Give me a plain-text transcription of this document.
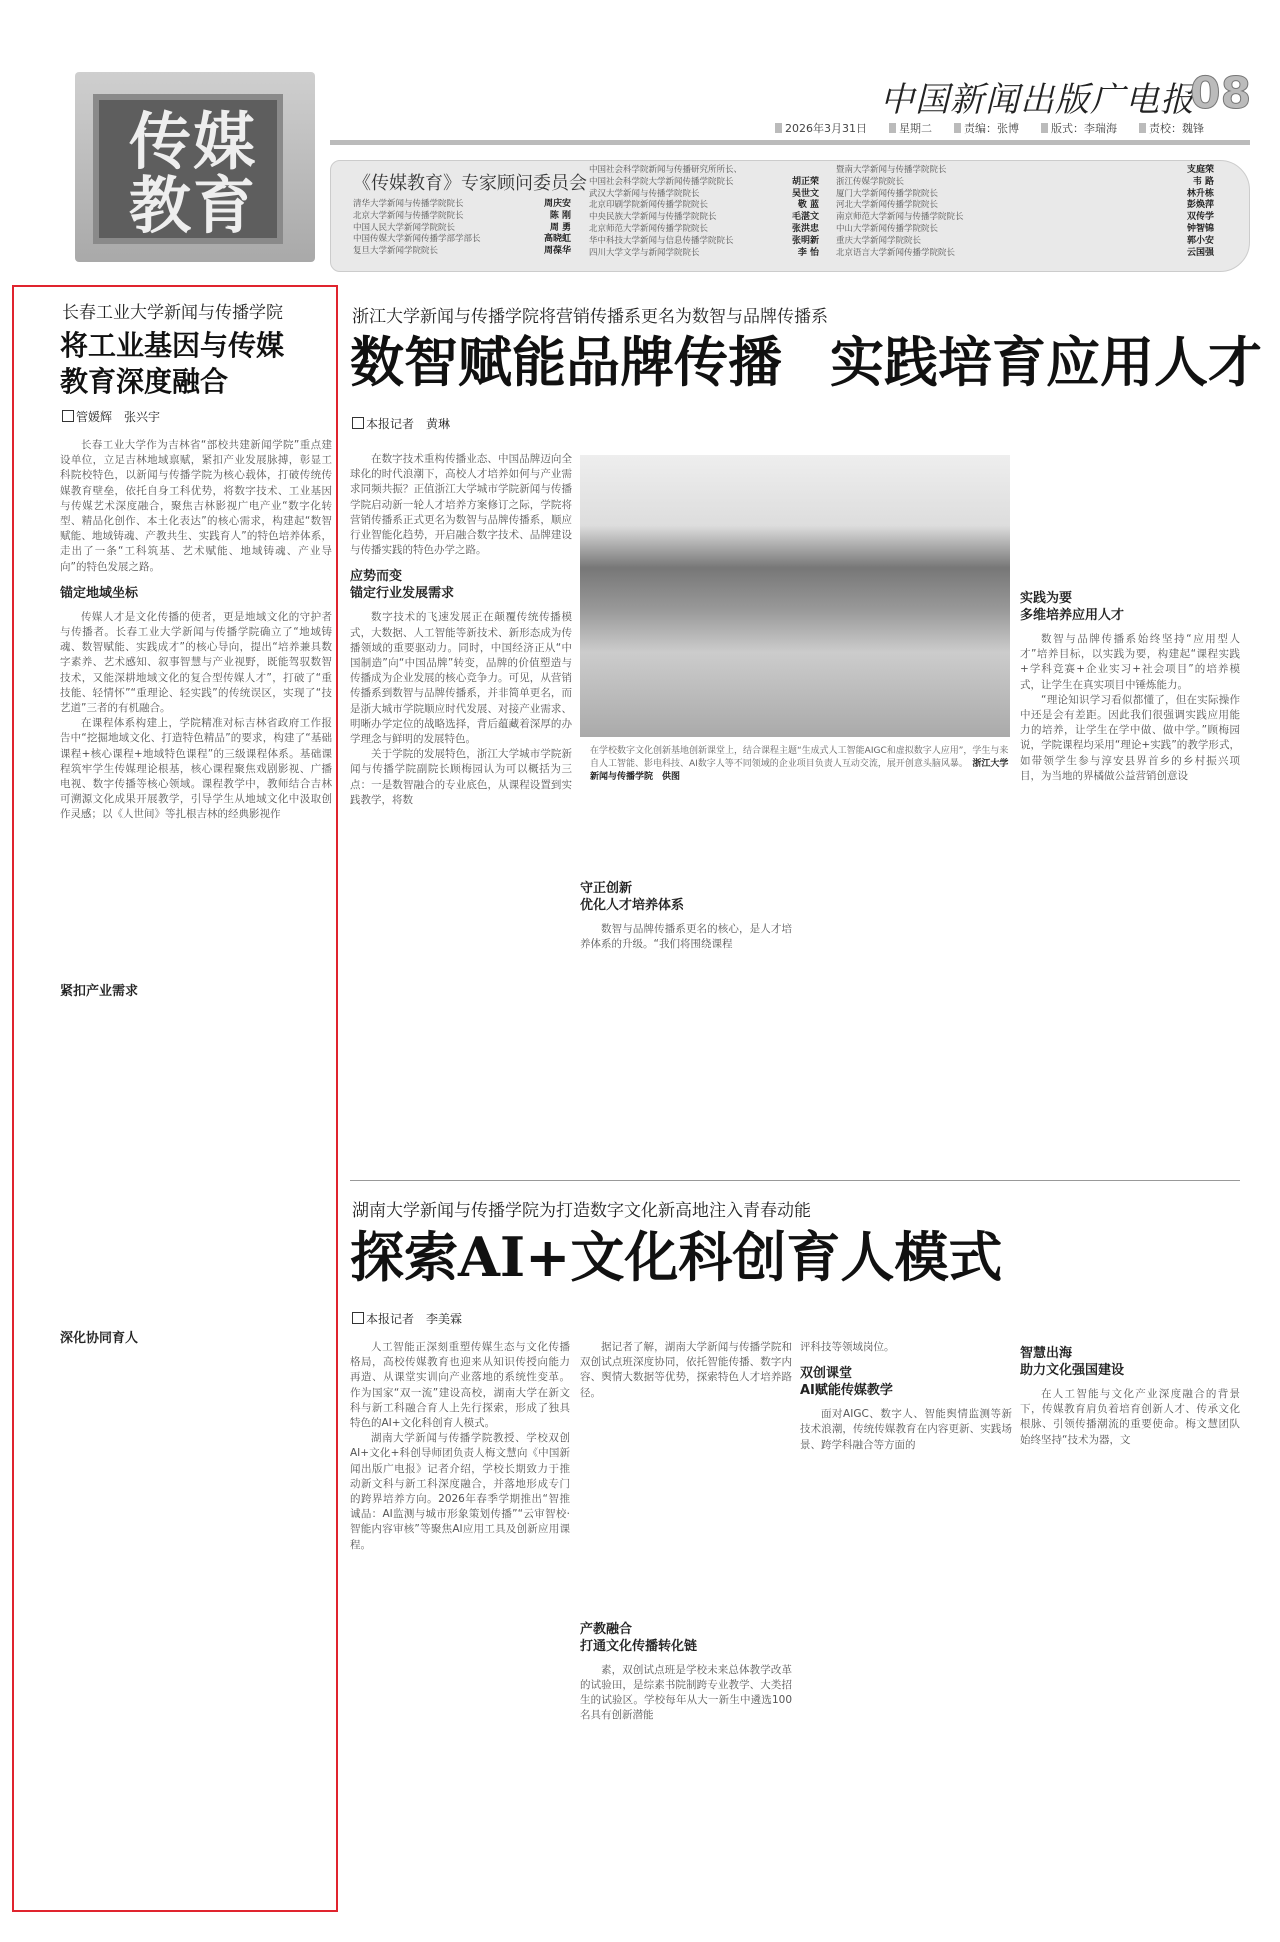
传媒教育
中国新闻出版广电报
08
2026年3月31日	星期二	责编：张博	版式：李瑞海	责校：魏锋
《传媒教育》专家顾问委员会
清华大学新闻与传播学院院长	周庆安
北京大学新闻与传播学院院长	陈 刚
中国人民大学新闻学院院长	周 勇
中国传媒大学新闻传播学部学部长	高晓虹
复旦大学新闻学院院长	周葆华
中国社会科学院新闻与传播研究所所长、
中国社会科学院大学新闻传播学院院长	胡正荣
武汉大学新闻与传播学院院长	吴世文
北京印刷学院新闻传播学院院长	敬 蓝
中央民族大学新闻与传播学院院长	毛湛文
北京师范大学新闻传播学院院长	张洪忠
华中科技大学新闻与信息传播学院院长	张明新
四川大学文学与新闻学院院长	李 怡
暨南大学新闻与传播学院院长	支庭荣
浙江传媒学院院长	韦 路
厦门大学新闻传播学院院长	林升栋
河北大学新闻传播学院院长	彭焕萍
南京师范大学新闻与传播学院院长	双传学
中山大学新闻传播学院院长	钟智锦
重庆大学新闻学院院长	郭小安
北京语言大学新闻传播学院院长	云国强
长春工业大学新闻与传播学院
将工业基因与传媒教育深度融合
管媛辉　张兴宇

长春工业大学作为吉林省“部校共建新闻学院”重点建设单位，立足吉林地域禀赋，紧扣产业发展脉搏，彰显工科院校特色，以新闻与传播学院为核心载体，打破传统传媒教育壁垒，依托自身工科优势，将数字技术、工业基因与传媒艺术深度融合，聚焦吉林影视广电产业“数字化转型、精品化创作、本土化表达”的核心需求，构建起“数智赋能、地域铸魂、产教共生、实践育人”的特色培养体系，走出了一条“工科筑基、艺术赋能、地域铸魂、产业导向”的特色发展之路。

锚定地域坐标

传媒人才是文化传播的使者，更是地域文化的守护者与传播者。长春工业大学新闻与传播学院确立了“地域铸魂、数智赋能、实践成才”的核心导向，提出“培养兼具数字素养、艺术感知、叙事智慧与产业视野，既能驾驭数智技术，又能深耕地域文化的复合型传媒人才”，打破了“重技能、轻情怀”“重理论、轻实践”的传统误区，实现了“技艺道”三者的有机融合。

在课程体系构建上，学院精准对标吉林省政府工作报告中“挖掘地域文化、打造特色精品”的要求，构建了“基础课程+核心课程+地域特色课程”的三级课程体系。基础课程筑牢学生传媒理论根基，核心课程聚焦戏剧影视、广播电视、数字传播等核心领域。课程教学中，教师结合吉林可溯源文化成果开展教学，引导学生从地域文化中汲取创作灵感；以《人世间》等扎根吉林的经典影视作

紧扣产业需求
深化协同育人
浙江大学新闻与传播学院将营销传播系更名为数智与品牌传播系
数智赋能品牌传播 实践培育应用人才
本报记者　黄琳

在数字技术重构传播业态、中国品牌迈向全球化的时代浪潮下，高校人才培养如何与产业需求同频共振？正值浙江大学城市学院新闻与传播学院启动新一轮人才培养方案修订之际，学院将营销传播系正式更名为数智与品牌传播系，顺应行业智能化趋势，开启融合数字技术、品牌建设与传播实践的特色办学之路。

应势而变
锚定行业发展需求

数字技术的飞速发展正在颠覆传统传播模式，大数据、人工智能等新技术、新形态成为传播领域的重要驱动力。同时，中国经济正从“中国制造”向“中国品牌”转变，品牌的价值塑造与传播成为企业发展的核心竞争力。可见，从营销传播系到数智与品牌传播系，并非简单更名，而是浙大城市学院顺应时代发展、对接产业需求、明晰办学定位的战略选择，背后蕴藏着深厚的办学理念与鲜明的发展特色。

关于学院的发展特色，浙江大学城市学院新闻与传播学院副院长顾梅园认为可以概括为三点：一是数智融合的专业底色，从课程设置到实践教学，将数

在学校数字文化创新基地创新课堂上，结合课程主题“生成式人工智能AIGC和虚拟数字人应用”，学生与来自人工智能、影电科技、AI数字人等不同领域的企业项目负责人互动交流，展开创意头脑风暴。　 浙江大学新闻与传播学院　供图
守正创新
优化人才培养体系

数智与品牌传播系更名的核心，是人才培养体系的升级。“我们将围绕课程

实践为要
多维培养应用人才

数智与品牌传播系始终坚持“应用型人才”培养目标，以实践为要，构建起“课程实践+学科竞赛+企业实习+社会项目”的培养模式，让学生在真实项目中锤炼能力。

“理论知识学习看似都懂了，但在实际操作中还是会有差距。因此我们很强调实践应用能力的培养，让学生在学中做、做中学。”顾梅园说，学院课程均采用“理论+实践”的教学形式，如带领学生参与淳安县界首乡的乡村振兴项目，为当地的界橘做公益营销创意设

湖南大学新闻与传播学院为打造数字文化新高地注入青春动能
探索AI+文化科创育人模式
本报记者　李美霖

人工智能正深刻重塑传媒生态与文化传播格局，高校传媒教育也迎来从知识传授向能力再造、从课堂实训向产业落地的系统性变革。作为国家“双一流”建设高校，湖南大学在新文科与新工科融合育人上先行探索，形成了独具特色的AI+文化科创育人模式。

湖南大学新闻与传播学院教授、学校双创AI+文化+科创导师团负责人梅文慧向《中国新闻出版广电报》记者介绍，学校长期致力于推动新文科与新工科深度融合，并落地形成专门的跨界培养方向。2026年春季学期推出“智推诚品：AI监测与城市形象策划传播”“云审智校·智能内容审核”等聚焦AI应用工具及创新应用课程。

据记者了解，湖南大学新闻与传播学院和双创试点班深度协同，依托智能传播、数字内容、舆情大数据等优势，探索特色人才培养路径。

产教融合
打通文化传播转化链

素，双创试点班是学校未来总体教学改革的试验田，是综素书院制跨专业教学、大类招生的试验区。学校每年从大一新生中遴选100名具有创新潜能

评科技等领域岗位。

双创课堂
AI赋能传媒教学

面对AIGC、数字人、智能舆情监测等新技术浪潮，传统传媒教育在内容更新、实践场景、跨学科融合等方面的

智慧出海
助力文化强国建设

在人工智能与文化产业深度融合的背景下，传媒教育肩负着培育创新人才、传承文化根脉、引领传播潮流的重要使命。梅文慧团队始终坚持“技术为器，文
